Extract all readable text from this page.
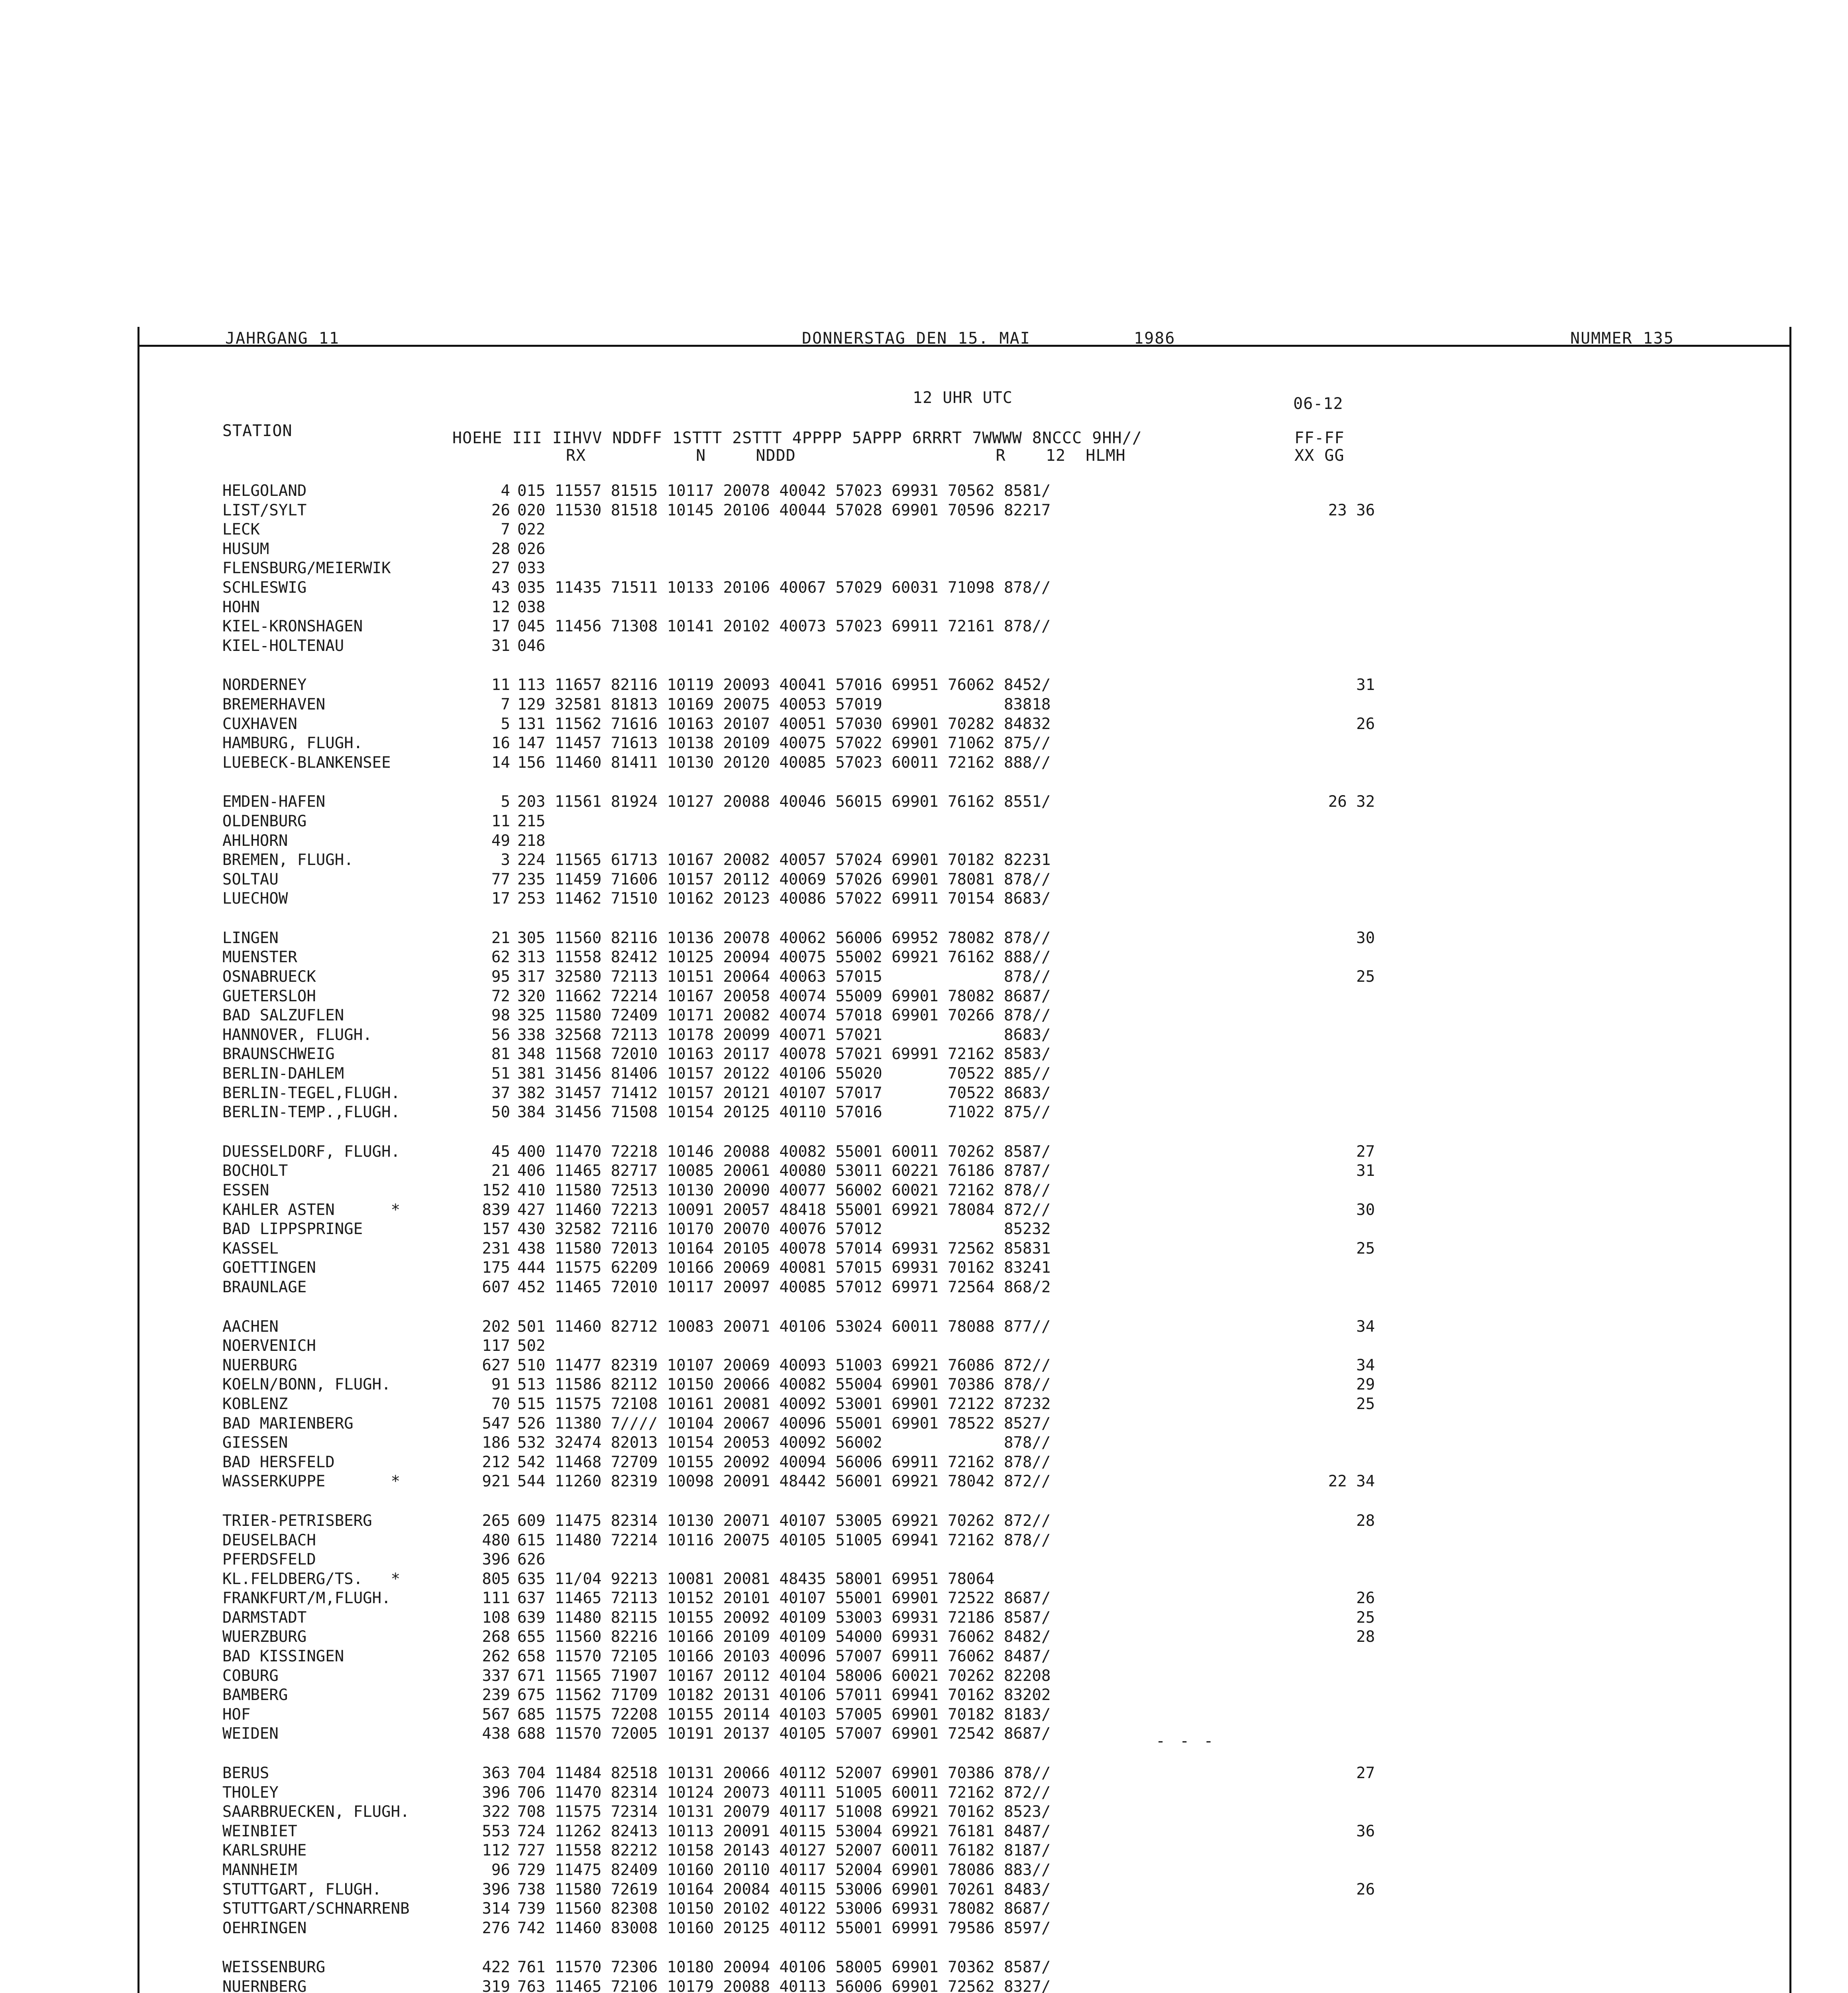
JAHRGANG 11	DONNERSTAG DEN 15. MAI	1986	NUMMER 135
12 UHR UTC	06-12
STATION	HOEHE III IIHVV NDDFF 1STTT 2STTT 4PPPP 5APPP 6RRRT 7WWWW 8NCCC 9HH//
RX           N     NDDD                    R    12  HLMH
FF-FF
XX GG
HELGOLAND	4 015 11557 81515 10117 20078 40042 57023 69931 70562 8581/
LIST/SYLT	26 020 11530 81518 10145 20106 40044 57028 69901 70596 82217	23 36
LECK	7 022
HUSUM	28 026
FLENSBURG/MEIERWIK	27 033
SCHLESWIG	43 035 11435 71511 10133 20106 40067 57029 60031 71098 878//
HOHN	12 038
KIEL-KRONSHAGEN	17 045 11456 71308 10141 20102 40073 57023 69911 72161 878//
KIEL-HOLTENAU	31 046
NORDERNEY	11 113 11657 82116 10119 20093 40041 57016 69951 76062 8452/	31
BREMERHAVEN	7 129 32581 81813 10169 20075 40053 57019             83818
CUXHAVEN	5 131 11562 71616 10163 20107 40051 57030 69901 70282 84832	26
HAMBURG, FLUGH.	16 147 11457 71613 10138 20109 40075 57022 69901 71062 875//
LUEBECK-BLANKENSEE	14 156 11460 81411 10130 20120 40085 57023 60011 72162 888//
EMDEN-HAFEN	5 203 11561 81924 10127 20088 40046 56015 69901 76162 8551/	26 32
OLDENBURG	11 215
AHLHORN	49 218
BREMEN, FLUGH.	3 224 11565 61713 10167 20082 40057 57024 69901 70182 82231
SOLTAU	77 235 11459 71606 10157 20112 40069 57026 69901 78081 878//
LUECHOW	17 253 11462 71510 10162 20123 40086 57022 69911 70154 8683/
LINGEN	21 305 11560 82116 10136 20078 40062 56006 69952 78082 878//	30
MUENSTER	62 313 11558 82412 10125 20094 40075 55002 69921 76162 888//
OSNABRUECK	95 317 32580 72113 10151 20064 40063 57015             878//	25
GUETERSLOH	72 320 11662 72214 10167 20058 40074 55009 69901 78082 8687/
BAD SALZUFLEN	98 325 11580 72409 10171 20082 40074 57018 69901 70266 878//
HANNOVER, FLUGH.	56 338 32568 72113 10178 20099 40071 57021             8683/
BRAUNSCHWEIG	81 348 11568 72010 10163 20117 40078 57021 69991 72162 8583/
BERLIN-DAHLEM	51 381 31456 81406 10157 20122 40106 55020       70522 885//
BERLIN-TEGEL,FLUGH.	37 382 31457 71412 10157 20121 40107 57017       70522 8683/
BERLIN-TEMP.,FLUGH.	50 384 31456 71508 10154 20125 40110 57016       71022 875//
DUESSELDORF, FLUGH.	45 400 11470 72218 10146 20088 40082 55001 60011 70262 8587/	27
BOCHOLT	21 406 11465 82717 10085 20061 40080 53011 60221 76186 8787/	31
ESSEN	152 410 11580 72513 10130 20090 40077 56002 60021 72162 878//
KAHLER ASTEN      *	839 427 11460 72213 10091 20057 48418 55001 69921 78084 872//	30
BAD LIPPSPRINGE	157 430 32582 72116 10170 20070 40076 57012             85232
KASSEL	231 438 11580 72013 10164 20105 40078 57014 69931 72562 85831	25
GOETTINGEN	175 444 11575 62209 10166 20069 40081 57015 69931 70162 83241
BRAUNLAGE	607 452 11465 72010 10117 20097 40085 57012 69971 72564 868/2
AACHEN	202 501 11460 82712 10083 20071 40106 53024 60011 78088 877//	34
NOERVENICH	117 502
NUERBURG	627 510 11477 82319 10107 20069 40093 51003 69921 76086 872//	34
KOELN/BONN, FLUGH.	91 513 11586 82112 10150 20066 40082 55004 69901 70386 878//	29
KOBLENZ	70 515 11575 72108 10161 20081 40092 53001 69901 72122 87232	25
BAD MARIENBERG	547 526 11380 7//// 10104 20067 40096 55001 69901 78522 8527/
GIESSEN	186 532 32474 82013 10154 20053 40092 56002             878//
BAD HERSFELD	212 542 11468 72709 10155 20092 40094 56006 69911 72162 878//
WASSERKUPPE       *	921 544 11260 82319 10098 20091 48442 56001 69921 78042 872//	22 34
TRIER-PETRISBERG	265 609 11475 82314 10130 20071 40107 53005 69921 70262 872//	28
DEUSELBACH	480 615 11480 72214 10116 20075 40105 51005 69941 72162 878//
PFERDSFELD	396 626
KL.FELDBERG/TS.   *	805 635 11/04 92213 10081 20081 48435 58001 69951 78064
FRANKFURT/M,FLUGH.	111 637 11465 72113 10152 20101 40107 55001 69901 72522 8687/	26
DARMSTADT	108 639 11480 82115 10155 20092 40109 53003 69931 72186 8587/	25
WUERZBURG	268 655 11560 82216 10166 20109 40109 54000 69931 76062 8482/	28
BAD KISSINGEN	262 658 11570 72105 10166 20103 40096 57007 69911 76062 8487/
COBURG	337 671 11565 71907 10167 20112 40104 58006 60021 70262 82208
BAMBERG	239 675 11562 71709 10182 20131 40106 57011 69941 70162 83202
HOF	567 685 11575 72208 10155 20114 40103 57005 69901 70182 8183/
WEIDEN	438 688 11570 72005 10191 20137 40105 57007 69901 72542 8687/
BERUS	363 704 11484 82518 10131 20066 40112 52007 69901 70386 878//	27
THOLEY	396 706 11470 82314 10124 20073 40111 51005 60011 72162 872//
SAARBRUECKEN, FLUGH.	322 708 11575 72314 10131 20079 40117 51008 69921 70162 8523/
WEINBIET	553 724 11262 82413 10113 20091 40115 53004 69921 76181 8487/	36
KARLSRUHE	112 727 11558 82212 10158 20143 40127 52007 60011 76182 8187/
MANNHEIM	96 729 11475 82409 10160 20110 40117 52004 69901 78086 883//
STUTTGART, FLUGH.	396 738 11580 72619 10164 20084 40115 53006 69901 70261 8483/	26
STUTTGART/SCHNARRENB	314 739 11560 82308 10150 20102 40122 53006 69931 78082 8687/
OEHRINGEN	276 742 11460 83008 10160 20125 40112 55001 69991 79586 8597/
WEISSENBURG	422 761 11570 72306 10180 20094 40106 58005 69901 70362 8587/
NUERNBERG	319 763 11465 72106 10179 20088 40113 56006 69901 72562 8327/
- - -
